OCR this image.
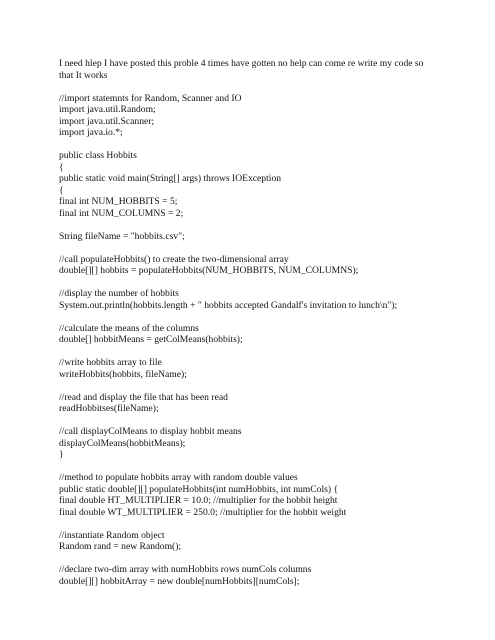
I need hlep I have posted this proble 4 times have gotten no help can come re write my code so
that It works
//import statemnts for Random, Scanner and IO
import java.util.Random;
import java.util.Scanner;
import java.io.*;
public class Hobbits
{
public static void main(String[] args) throws IOException
{
final int NUM_HOBBITS = 5;
final int NUM_COLUMNS = 2;
String fileName = "hobbits.csv";
//call populateHobbits() to create the two-dimensional array
double[][] hobbits = populateHobbits(NUM_HOBBITS, NUM_COLUMNS);
//display the number of hobbits
System.out.println(hobbits.length + " hobbits accepted Gandalf's invitation to lunch\n");
//calculate the means of the columns
double[] hobbitMeans = getColMeans(hobbits);
//write hobbits array to file
writeHobbits(hobbits, fileName);
//read and display the file that has been read
readHobbitses(fileName);
//call displayColMeans to display hobbit means
displayColMeans(hobbitMeans);
}
//method to populate hobbits array with random double values
public static double[][] populateHobbits(int numHobbits, int numCols) {
final double HT_MULTIPLIER = 10.0; //multiplier for the hobbit height
final double WT_MULTIPLIER = 250.0; //multiplier for the hobbit weight
//instantiate Random object
Random rand = new Random();
//declare two-dim array with numHobbits rows numCols columns
double[][] hobbitArray = new double[numHobbits][numCols];
